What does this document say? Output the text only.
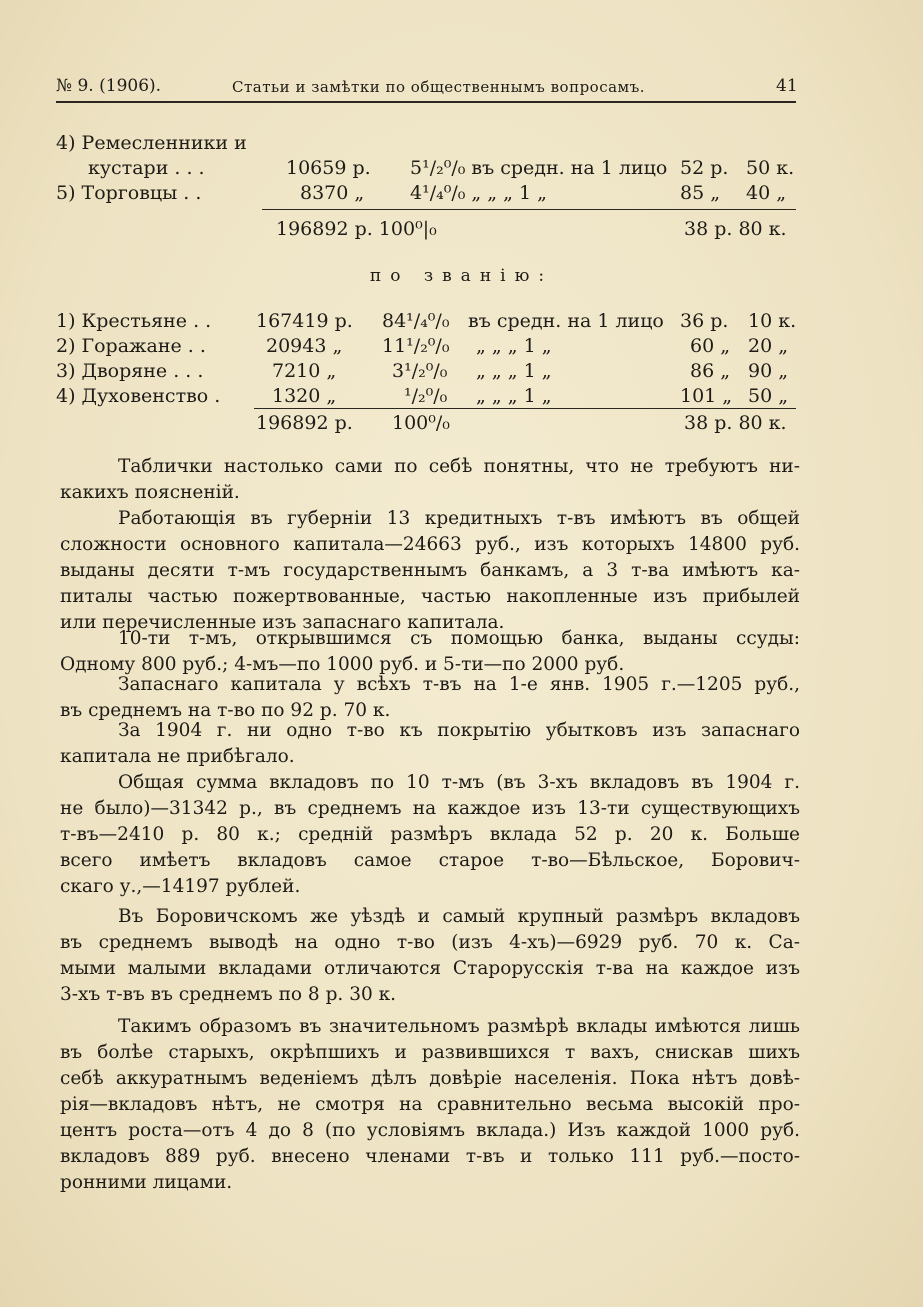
№ 9. (1906).	Статьи и замѣтки по общественнымъ вопросамъ.	41
4) Ремесленники и
кустари . . .	10659 р. 5¹/₂⁰/₀ въ средн. на 1 лицо 52 р. 50 к.
5) Торговцы . .	8370 „ 4¹/₄⁰/₀ „ „ „ 1 „	85 „ 40 „
196892 р. 100⁰|₀	38 р. 80 к.
по званію:
1) Крестьяне . . 167419 р. 84¹/₄⁰/₀ въ средн. на 1 лицо 36 р. 10 к.
2) Горажане . .	20943 „ 11¹/₂⁰/₀ „ „ „ 1 „	60 „ 20 „
3) Дворяне . . .	7210 „	3¹/₂⁰/₀ „ „ „ 1 „	86 „ 90 „
4) Духовенство .	1320 „	¹/₂⁰/₀ „ „ „ 1 „	101 „ 50 „
196892 р. 100⁰/₀	38 р. 80 к.
Таблички настолько сами по себѣ понятны, что не требуютъ ни-
какихъ поясненій.
Работающія въ губерніи 13 кредитныхъ т-въ имѣютъ въ общей
сложности основного капитала—24663 руб., изъ которыхъ 14800 руб.
выданы десяти т-мъ государственнымъ банкамъ, а 3 т-ва имѣютъ ка-
питалы частью пожертвованные, частью накопленные изъ прибылей
или перечисленные изъ запаснаго капитала.
10-ти т-мъ, открывшимся съ помощью банка, выданы ссуды:
Одному 800 руб.; 4-мъ—по 1000 руб. и 5-ти—по 2000 руб.
Запаснаго капитала у всѣхъ т-въ на 1-е янв. 1905 г.—1205 руб.,
въ среднемъ на т-во по 92 р. 70 к.
За 1904 г. ни одно т-во къ покрытію убытковъ изъ запаснаго
капитала не прибѣгало.
Общая сумма вкладовъ по 10 т-мъ (въ 3-хъ вкладовъ въ 1904 г.
не было)—31342 р., въ среднемъ на каждое изъ 13-ти существующихъ
т-въ—2410 р. 80 к.; средній размѣръ вклада 52 р. 20 к. Больше
всего имѣетъ вкладовъ самое старое т-во—Бѣльское, Борович-
скаго у.,—14197 рублей.
Въ Боровичскомъ же уѣздѣ и самый крупный размѣръ вкладовъ
въ среднемъ выводѣ на одно т-во (изъ 4-хъ)—6929 руб. 70 к. Са-
мыми малыми вкладами отличаются Старорусскія т-ва на каждое изъ
3-хъ т-въ въ среднемъ по 8 р. 30 к.
Такимъ образомъ въ значительномъ размѣрѣ вклады имѣются лишь
въ болѣе старыхъ, окрѣпшихъ и развившихся т вахъ, снискав шихъ
себѣ аккуратнымъ веденіемъ дѣлъ довѣріе населенія. Пока нѣтъ довѣ-
рія—вкладовъ нѣтъ, не смотря на сравнительно весьма высокій про-
центъ роста—отъ 4 до 8 (по условіямъ вклада.) Изъ каждой 1000 руб.
вкладовъ 889 руб. внесено членами т-въ и только 111 руб.—посто-
ронними лицами.
